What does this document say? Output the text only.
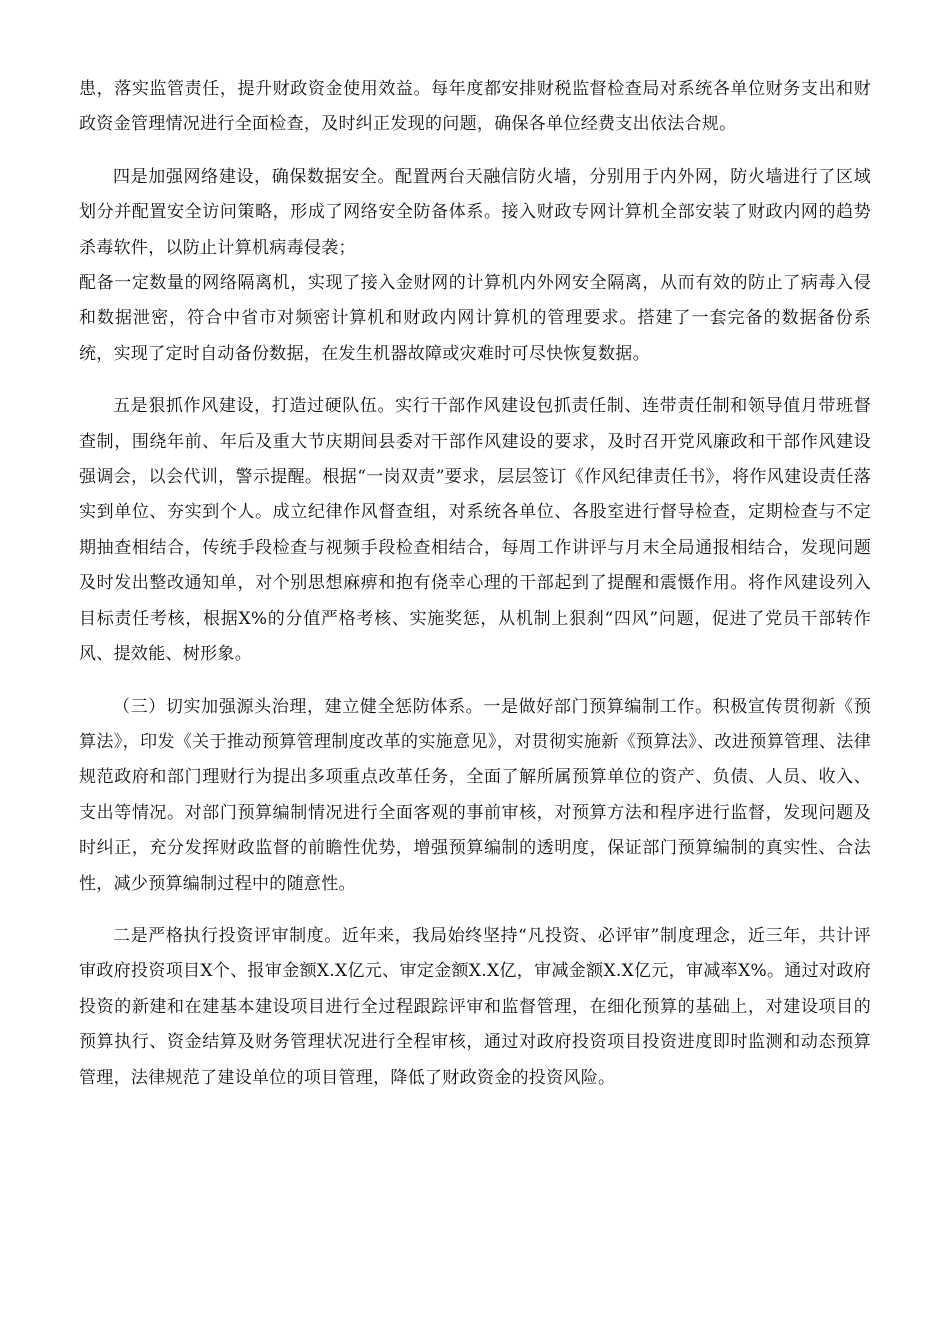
患，落实监管责任，提升财政资金使用效益。每年度都安排财税监督检查局对系统各单位财务支出和财政资金管理情况进行全面检查，及时纠正发现的问题，确保各单位经费支出依法合规。

四是加强网络建设，确保数据安全。配置两台天融信防火墙，分别用于内外网，防火墙进行了区域划分并配置安全访问策略，形成了网络安全防备体系。接入财政专网计算机全部安装了财政内网的趋势杀毒软件，以防止计算机病毒侵袭；

配备一定数量的网络隔离机，实现了接入金财网的计算机内外网安全隔离，从而有效的防止了病毒入侵和数据泄密，符合中省市对频密计算机和财政内网计算机的管理要求。搭建了一套完备的数据备份系统，实现了定时自动备份数据，在发生机器故障或灾难时可尽快恢复数据。

五是狠抓作风建设，打造过硬队伍。实行干部作风建设包抓责任制、连带责任制和领导值月带班督查制，围绕年前、年后及重大节庆期间县委对干部作风建设的要求，及时召开党风廉政和干部作风建设强调会，以会代训，警示提醒。根据“一岗双责”要求，层层签订《作风纪律责任书》，将作风建设责任落实到单位、夯实到个人。成立纪律作风督查组，对系统各单位、各股室进行督导检查，定期检查与不定期抽查相结合，传统手段检查与视频手段检查相结合，每周工作讲评与月末全局通报相结合，发现问题及时发出整改通知单，对个别思想麻痹和抱有侥幸心理的干部起到了提醒和震慑作用。将作风建设列入目标责任考核，根据X%的分值严格考核、实施奖惩，从机制上狠刹“四风”问题，促进了党员干部转作风、提效能、树形象。

（三）切实加强源头治理，建立健全惩防体系。一是做好部门预算编制工作。积极宣传贯彻新《预算法》，印发《关于推动预算管理制度改革的实施意见》，对贯彻实施新《预算法》、改进预算管理、法律规范政府和部门理财行为提出多项重点改革任务，全面了解所属预算单位的资产、负债、人员、收入、支出等情况。对部门预算编制情况进行全面客观的事前审核，对预算方法和程序进行监督，发现问题及时纠正，充分发挥财政监督的前瞻性优势，增强预算编制的透明度，保证部门预算编制的真实性、合法性，减少预算编制过程中的随意性。

二是严格执行投资评审制度。近年来，我局始终坚持“凡投资、必评审”制度理念，近三年，共计评审政府投资项目X个、报审金额X.X亿元、审定金额X.X亿，审减金额X.X亿元，审减率X%。通过对政府投资的新建和在建基本建设项目进行全过程跟踪评审和监督管理，在细化预算的基础上，对建设项目的预算执行、资金结算及财务管理状况进行全程审核，通过对政府投资项目投资进度即时监测和动态预算管理，法律规范了建设单位的项目管理，降低了财政资金的投资风险。
